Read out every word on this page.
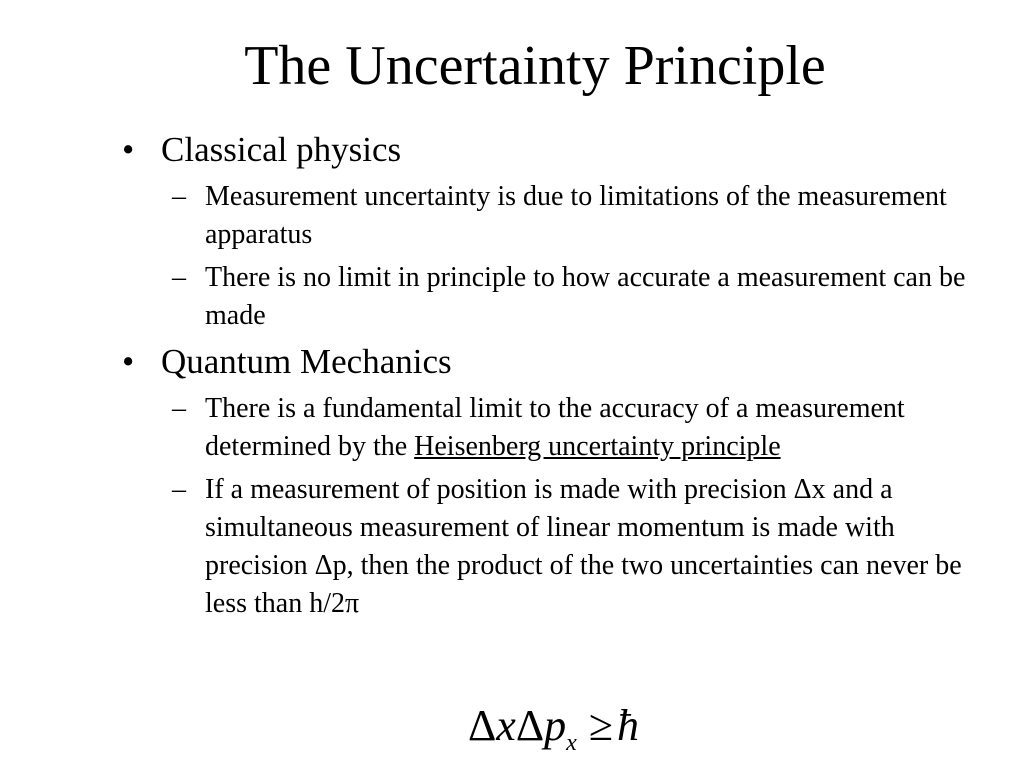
The Uncertainty Principle
• Classical physics
– Measurement uncertainty is due to limitations of the measurement apparatus
– There is no limit in principle to how accurate a measurement can be made
• Quantum Mechanics
– There is a fundamental limit to the accuracy of a measurement determined by the Heisenberg uncertainty principle
– If a measurement of position is made with precision Δx and a simultaneous measurement of linear momentum is made with precision Δp, then the product of the two uncertainties can never be less than h/2π
ΔxΔp$_x$ ≥ħ
